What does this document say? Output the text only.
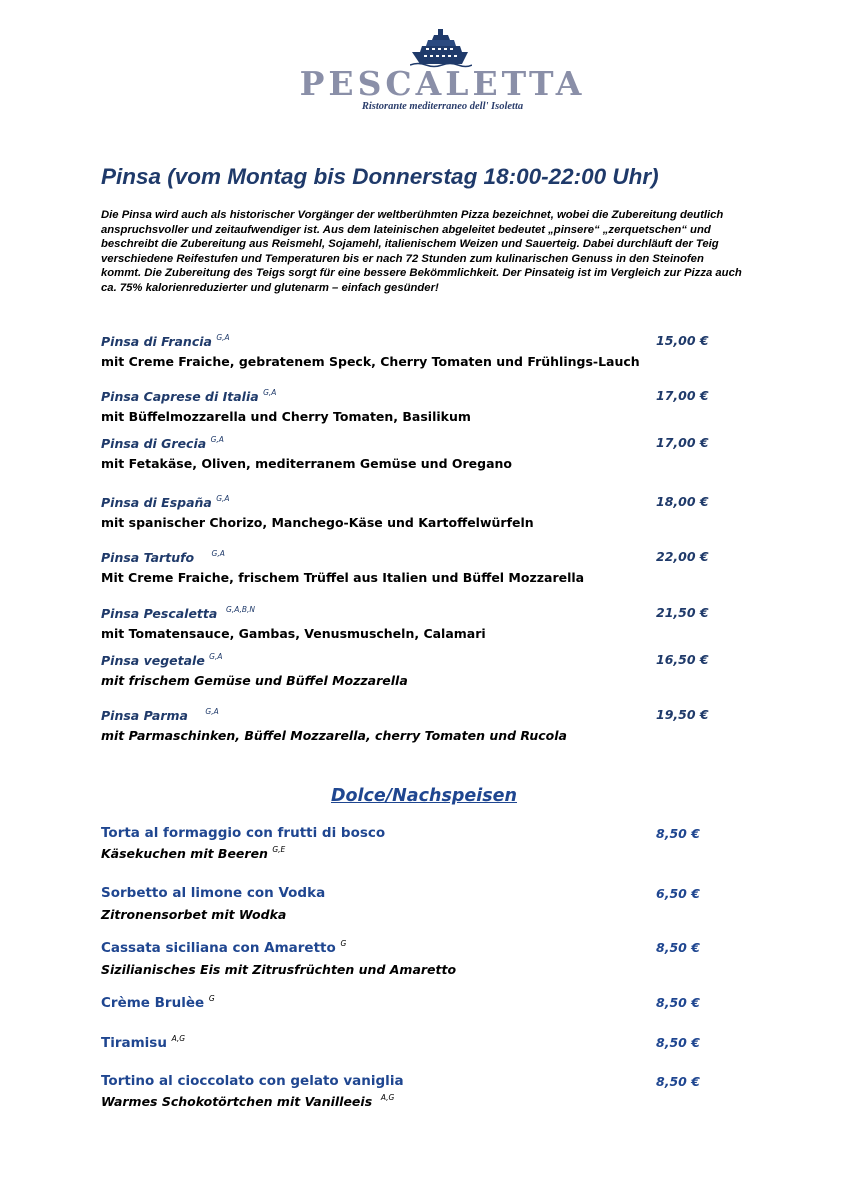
PESCALETTA
Ristorante mediterraneo dell' Isoletta
Pinsa (vom Montag bis Donnerstag 18:00-22:00 Uhr)
Die Pinsa wird auch als historischer Vorgänger der weltberühmten Pizza bezeichnet, wobei die Zubereitung deutlich anspruchsvoller und zeitaufwendiger ist. Aus dem lateinischen abgeleitet bedeutet „pinsere“ „zerquetschen“ und beschreibt die Zubereitung aus Reismehl, Sojamehl, italienischem Weizen und Sauerteig. Dabei durchläuft der Teig verschiedene Reifestufen und Temperaturen bis er nach 72 Stunden zum kulinarischen Genuss in den Steinofen kommt. Die Zubereitung des Teigs sorgt für eine bessere Bekömmlichkeit. Der Pinsateig ist im Vergleich zur Pizza auch ca. 75% kalorienreduzierter und glutenarm – einfach gesünder!
Pinsa di Francia $^{G,A}$
mit Creme Fraiche, gebratenem Speck, Cherry Tomaten und Frühlings-Lauch
15,00 €
Pinsa Caprese di Italia $^{G,A}$
mit Büffelmozzarella und Cherry Tomaten, Basilikum
17,00 €
Pinsa di Grecia $^{G,A}$
mit Fetakäse, Oliven, mediterranem Gemüse und Oregano
17,00 €
Pinsa di España $^{G,A}$
mit spanischer Chorizo, Manchego-Käse und Kartoffelwürfeln
18,00 €
Pinsa Tartufo $^{G,A}$
Mit Creme Fraiche, frischem Trüffel aus Italien und Büffel Mozzarella
22,00 €
Pinsa Pescaletta $^{G,A,B,N}$
mit Tomatensauce, Gambas, Venusmuscheln, Calamari
21,50 €
Pinsa vegetale $^{G,A}$
mit frischem Gemüse und Büffel Mozzarella
16,50 €
Pinsa Parma $^{G,A}$
mit Parmaschinken, Büffel Mozzarella, cherry Tomaten und Rucola
19,50 €
Dolce/Nachspeisen
Torta al formaggio con frutti di bosco
Käsekuchen mit Beeren $^{G,E}$
8,50 €
Sorbetto al limone con Vodka
Zitronensorbet mit Wodka
6,50 €
Cassata siciliana con Amaretto $^G$
Sizilianisches Eis mit Zitrusfrüchten und Amaretto
8,50 €
Crème Brulèe $^G$	8,50 €
Tiramisu $^{A,G}$	8,50 €
Tortino al cioccolato con gelato vaniglia
Warmes Schokotörtchen mit Vanilleeis $^{A,G}$
8,50 €
